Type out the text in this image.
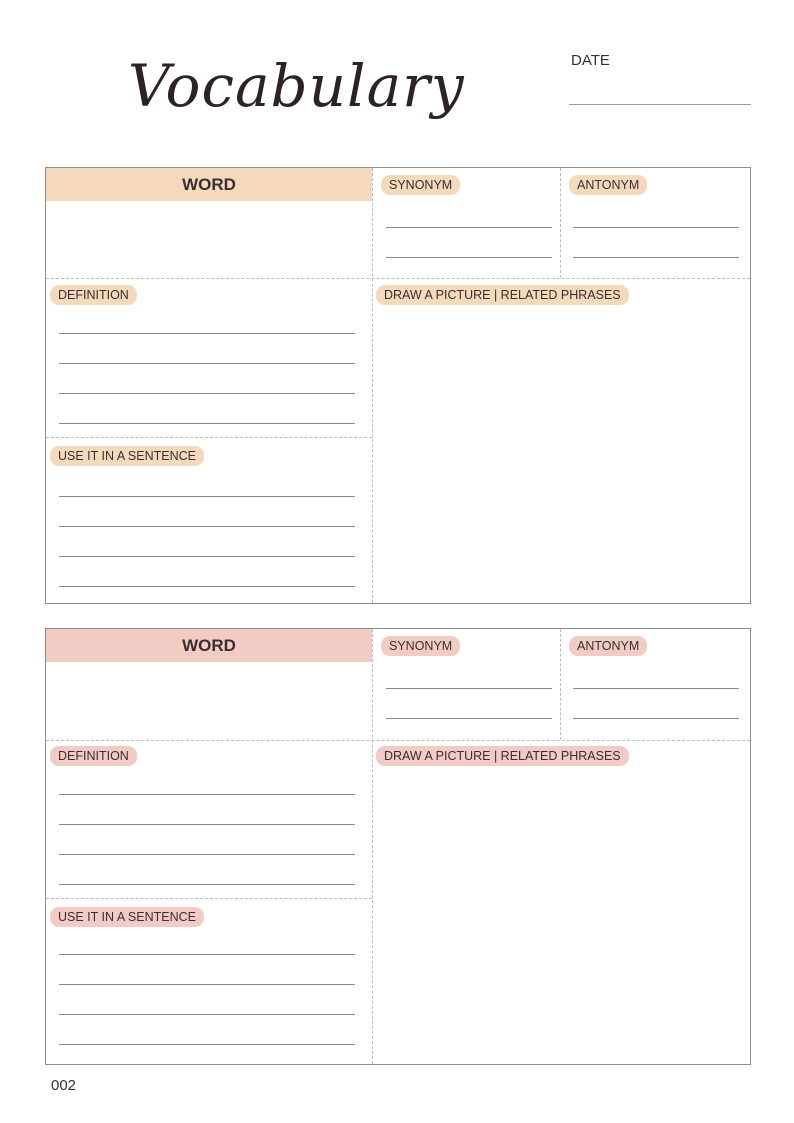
Vocabulary	DATE
WORD	SYNONYM	ANTONYM
DEFINITION
USE IT IN A SENTENCE
DRAW A PICTURE | RELATED PHRASES
WORD	SYNONYM	ANTONYM
DEFINITION
USE IT IN A SENTENCE
DRAW A PICTURE | RELATED PHRASES
002
